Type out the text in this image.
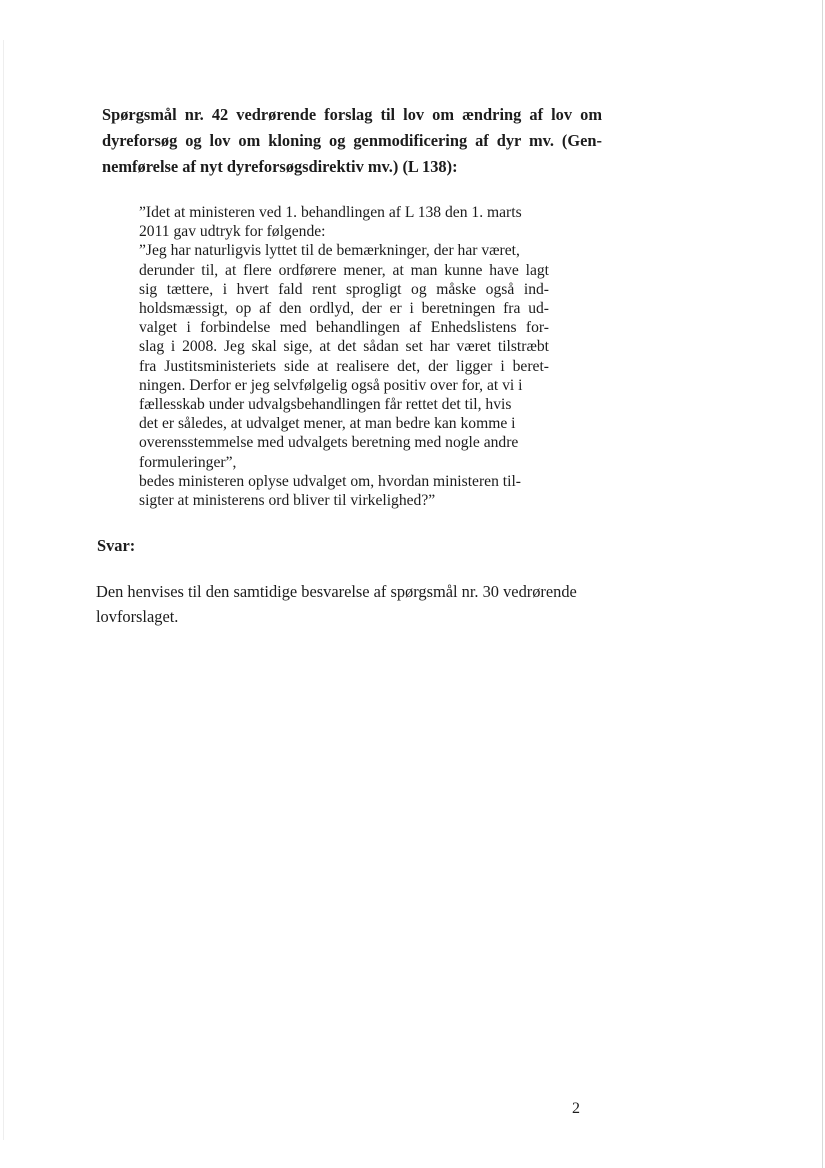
Spørgsmål nr. 42 vedrørende forslag til lov om ændring af lov om
dyreforsøg og lov om kloning og genmodificering af dyr mv. (Gen-
nemførelse af nyt dyreforsøgsdirektiv mv.) (L 138):
”Idet at ministeren ved 1. behandlingen af L 138 den 1. marts
2011 gav udtryk for følgende:
”Jeg har naturligvis lyttet til de bemærkninger, der har været,
derunder til, at flere ordførere mener, at man kunne have lagt
sig tættere, i hvert fald rent sprogligt og måske også ind-
holdsmæssigt, op af den ordlyd, der er i beretningen fra ud-
valget i forbindelse med behandlingen af Enhedslistens for-
slag i 2008. Jeg skal sige, at det sådan set har været tilstræbt
fra Justitsministeriets side at realisere det, der ligger i beret-
ningen. Derfor er jeg selvfølgelig også positiv over for, at vi i
fællesskab under udvalgsbehandlingen får rettet det til, hvis
det er således, at udvalget mener, at man bedre kan komme i
overensstemmelse med udvalgets beretning med nogle andre
formuleringer”,
bedes ministeren oplyse udvalget om, hvordan ministeren til-
sigter at ministerens ord bliver til virkelighed?”
Svar:
Den henvises til den samtidige besvarelse af spørgsmål nr. 30 vedrørende
lovforslaget.
2
